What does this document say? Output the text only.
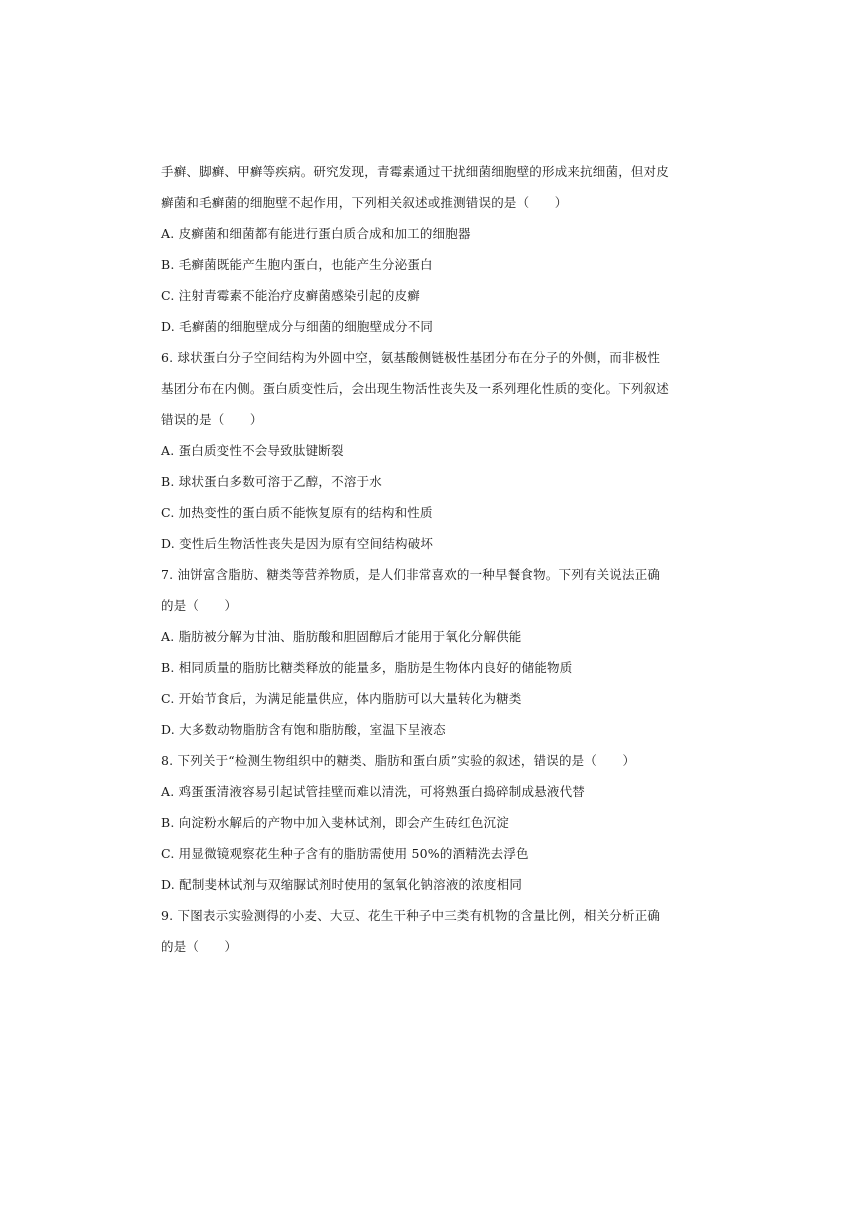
手癣、脚癣、甲癣等疾病。研究发现，青霉素通过干扰细菌细胞壁的形成来抗细菌，但对皮
癣菌和毛癣菌的细胞壁不起作用，下列相关叙述或推测错误的是（　　）
A. 皮癣菌和细菌都有能进行蛋白质合成和加工的细胞器
B. 毛癣菌既能产生胞内蛋白，也能产生分泌蛋白
C. 注射青霉素不能治疗皮癣菌感染引起的皮癣
D. 毛癣菌的细胞壁成分与细菌的细胞壁成分不同
6. 球状蛋白分子空间结构为外圆中空，氨基酸侧链极性基团分布在分子的外侧，而非极性
基团分布在内侧。蛋白质变性后，会出现生物活性丧失及一系列理化性质的变化。下列叙述
错误的是（　　）
A. 蛋白质变性不会导致肽键断裂
B. 球状蛋白多数可溶于乙醇，不溶于水
C. 加热变性的蛋白质不能恢复原有的结构和性质
D. 变性后生物活性丧失是因为原有空间结构破坏
7. 油饼富含脂肪、糖类等营养物质，是人们非常喜欢的一种早餐食物。下列有关说法正确
的是（　　）
A. 脂肪被分解为甘油、脂肪酸和胆固醇后才能用于氧化分解供能
B. 相同质量的脂肪比糖类释放的能量多，脂肪是生物体内良好的储能物质
C. 开始节食后，为满足能量供应，体内脂肪可以大量转化为糖类
D. 大多数动物脂肪含有饱和脂肪酸，室温下呈液态
8. 下列关于“检测生物组织中的糖类、脂肪和蛋白质”实验的叙述，错误的是（　　）
A. 鸡蛋蛋清液容易引起试管挂壁而难以清洗，可将熟蛋白捣碎制成悬液代替
B. 向淀粉水解后的产物中加入斐林试剂，即会产生砖红色沉淀
C. 用显微镜观察花生种子含有的脂肪需使用 50%的酒精洗去浮色
D. 配制斐林试剂与双缩脲试剂时使用的氢氧化钠溶液的浓度相同
9. 下图表示实验测得的小麦、大豆、花生干种子中三类有机物的含量比例，相关分析正确
的是（　　）
